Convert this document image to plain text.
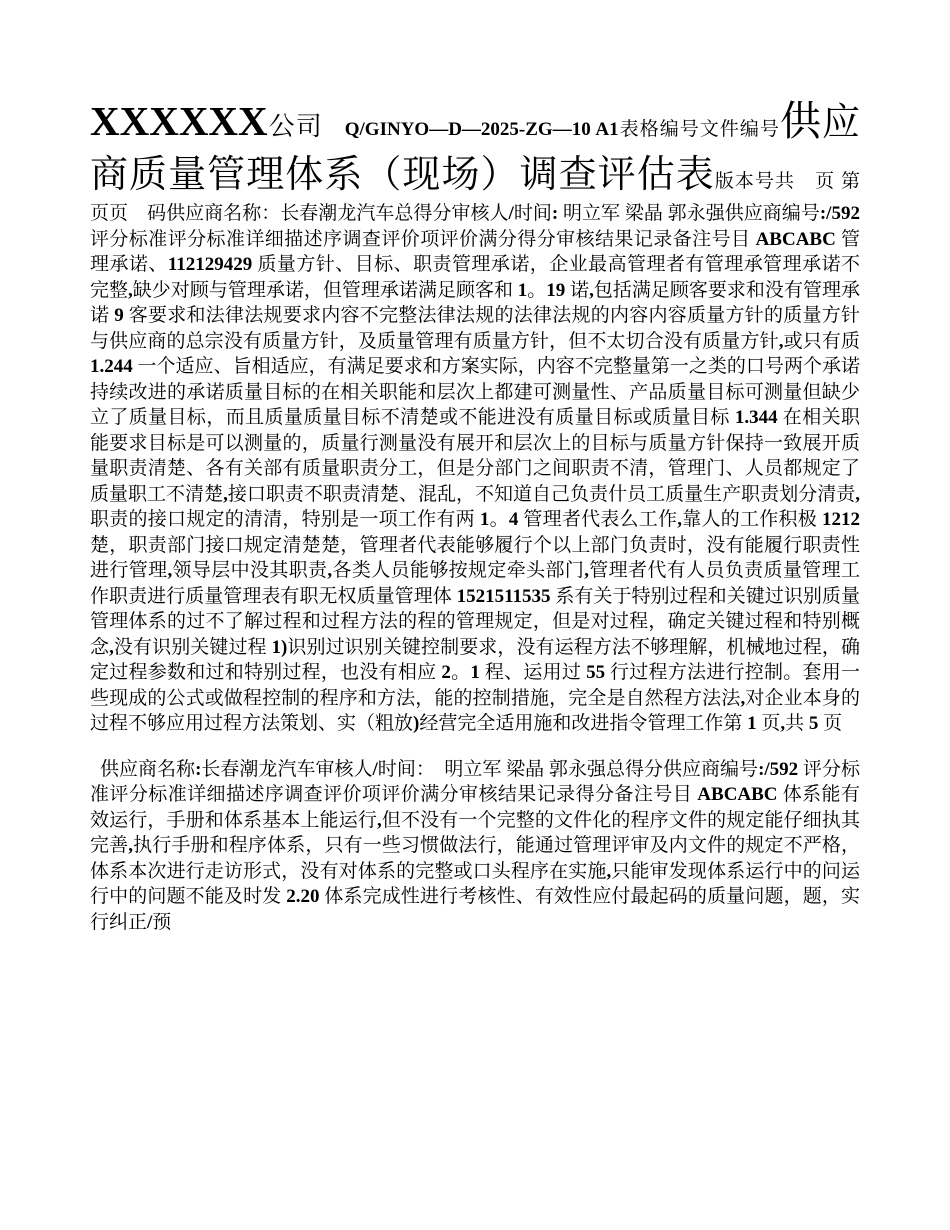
XXXXXX公司 Q/GINYO—D—2025-ZG—10 A1表格编号文件编号供应商质量管理体系（现场）调查评估表版本号共　页 第　页页　码供应商名称：长春潮龙汽车总得分审核人/时间: 明立军 梁晶 郭永强供应商编号:/592 评分标准评分标准详细描述序调查评价项评价满分得分审核结果记录备注号目 ABCABC 管理承诺、112129429 质量方针、目标、职责管理承诺，企业最高管理者有管理承管理承诺不完整,缺少对顾与管理承诺，但管理承诺满足顾客和 1。19 诺,包括满足顾客要求和没有管理承诺 9 客要求和法律法规要求内容不完整法律法规的法律法规的内容内容质量方针的质量方针与供应商的总宗没有质量方针，及质量管理有质量方针，但不太切合没有质量方针,或只有质 1.244 一个适应、旨相适应，有满足要求和方案实际，内容不完整量第一之类的口号两个承诺持续改进的承诺质量目标的在相关职能和层次上都建可测量性、产品质量目标可测量但缺少立了质量目标，而且质量质量目标不清楚或不能进没有质量目标或质量目标 1.344 在相关职能要求目标是可以测量的，质量行测量没有展开和层次上的目标与质量方针保持一致展开质量职责清楚、各有关部有质量职责分工，但是分部门之间职责不清，管理门、人员都规定了质量职工不清楚,接口职责不职责清楚、混乱，不知道自己负责什员工质量生产职责划分清责,职责的接口规定的清清，特别是一项工作有两 1。4 管理者代表么工作,靠人的工作积极 1212 楚，职责部门接口规定清楚楚，管理者代表能够履行个以上部门负责时，没有能履行职责性进行管理,领导层中没其职责,各类人员能够按规定牵头部门,管理者代有人员负责质量管理工作职责进行质量管理表有职无权质量管理体 1521511535 系有关于特别过程和关键过识别质量管理体系的过不了解过程和过程方法的程的管理规定，但是对过程，确定关键过程和特别概念,没有识别关键过程 1)识别过识别关键控制要求，没有运程方法不够理解，机械地过程，确定过程参数和过和特别过程，也没有相应 2。1 程、运用过 55 行过程方法进行控制。套用一些现成的公式或做程控制的程序和方法，能的控制措施，完全是自然程方法法,对企业本身的过程不够应用过程方法策划、实（粗放)经营完全适用施和改进指令管理工作第 1 页,共 5 页

供应商名称:长春潮龙汽车审核人/时间：　明立军 梁晶 郭永强总得分供应商编号:/592 评分标准评分标准详细描述序调查评价项评价满分审核结果记录得分备注号目 ABCABC 体系能有效运行，手册和体系基本上能运行,但不没有一个完整的文件化的程序文件的规定能仔细执其完善,执行手册和程序体系，只有一些习惯做法行，能通过管理评审及内文件的规定不严格，体系本次进行走访形式，没有对体系的完整或口头程序在实施,只能审发现体系运行中的问运行中的问题不能及时发 2.20 体系完成性进行考核性、有效性应付最起码的质量问题，题，实行纠正/预
